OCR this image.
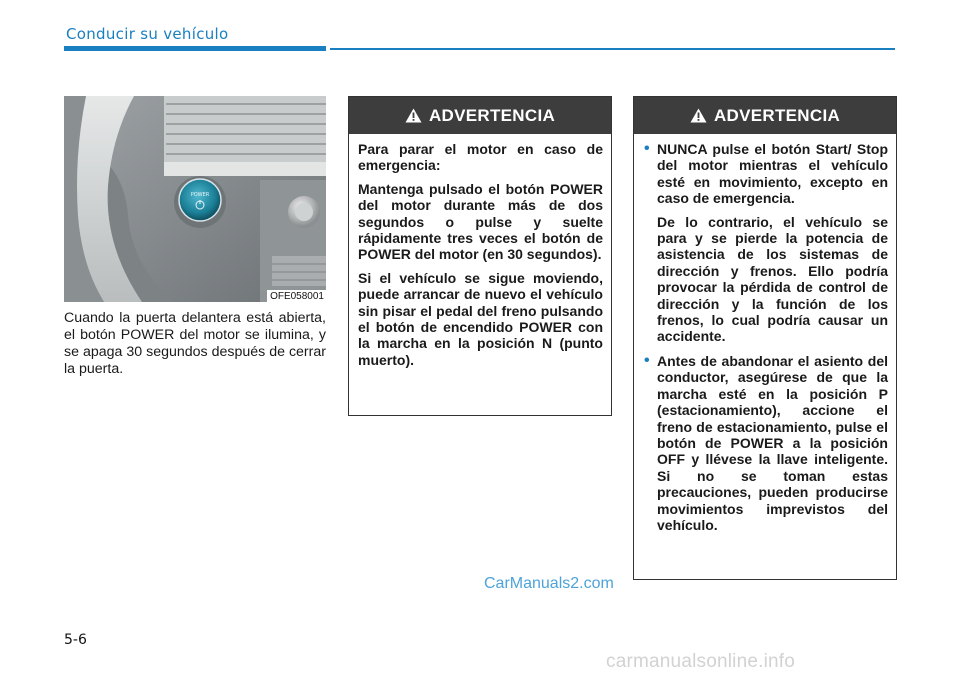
Conducir su vehículo
POWER
OFE058001
Cuando la puerta delantera está abierta, el botón POWER del motor se ilumina, y se apaga 30 segundos después de cerrar la puerta.
ADVERTENCIA

Para parar el motor en caso de emergencia:

Mantenga pulsado el botón POWER del motor durante más de dos segundos o pulse y suelte rápidamente tres veces el botón de POWER del motor (en 30 segundos).

Si el vehículo se sigue moviendo, puede arrancar de nuevo el vehículo sin pisar el pedal del freno pulsando el botón de encendido POWER con la marcha en la posición N (punto muerto).

ADVERTENCIA
• NUNCA pulse el botón Start/ Stop del motor mientras el vehículo esté en movimiento, excepto en caso de emergencia.

De lo contrario, el vehículo se para y se pierde la potencia de asistencia de los sistemas de dirección y frenos. Ello podría provocar la pérdida de control de dirección y la función de los frenos, lo cual podría causar un accidente.

• Antes de abandonar el asiento del conductor, asegúrese de que la marcha esté en la posición P (estacionamiento), accione el freno de estacionamiento, pulse el botón de POWER a la posición OFF y llévese la llave inteligente. Si no se toman estas precauciones, pueden producirse movimientos imprevistos del vehículo.

CarManuals2.com
5-6
carmanualsonline.info
